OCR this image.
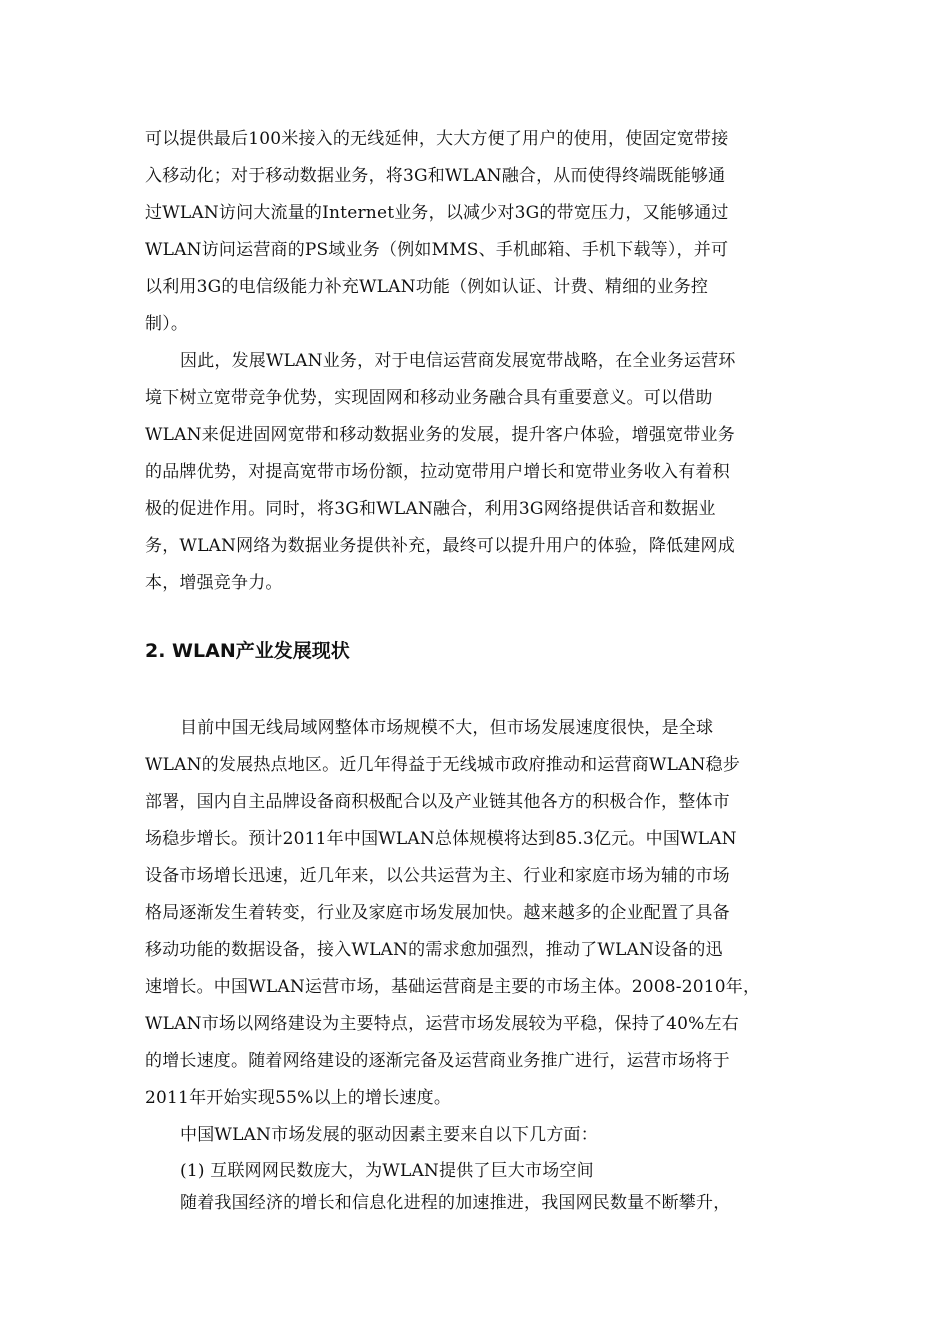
可以提供最后100米接入的无线延伸，大大方便了用户的使用，使固定宽带接
入移动化；对于移动数据业务，将3G和WLAN融合，从而使得终端既能够通
过WLAN访问大流量的Internet业务，以减少对3G的带宽压力，又能够通过
WLAN访问运营商的PS域业务（例如MMS、手机邮箱、手机下载等），并可
以利用3G的电信级能力补充WLAN功能（例如认证、计费、精细的业务控
制）。
因此，发展WLAN业务，对于电信运营商发展宽带战略，在全业务运营环
境下树立宽带竞争优势，实现固网和移动业务融合具有重要意义。可以借助
WLAN来促进固网宽带和移动数据业务的发展，提升客户体验，增强宽带业务
的品牌优势，对提高宽带市场份额，拉动宽带用户增长和宽带业务收入有着积
极的促进作用。同时，将3G和WLAN融合，利用3G网络提供话音和数据业
务，WLAN网络为数据业务提供补充，最终可以提升用户的体验，降低建网成
本，增强竞争力。
2. WLAN产业发展现状
目前中国无线局域网整体市场规模不大，但市场发展速度很快，是全球
WLAN的发展热点地区。近几年得益于无线城市政府推动和运营商WLAN稳步
部署，国内自主品牌设备商积极配合以及产业链其他各方的积极合作，整体市
场稳步增长。预计2011年中国WLAN总体规模将达到85.3亿元。中国WLAN
设备市场增长迅速，近几年来，以公共运营为主、行业和家庭市场为辅的市场
格局逐渐发生着转变，行业及家庭市场发展加快。越来越多的企业配置了具备
移动功能的数据设备，接入WLAN的需求愈加强烈，推动了WLAN设备的迅
速增长。中国WLAN运营市场，基础运营商是主要的市场主体。2008-2010年，
WLAN市场以网络建设为主要特点，运营市场发展较为平稳，保持了40%左右
的增长速度。随着网络建设的逐渐完备及运营商业务推广进行，运营市场将于
2011年开始实现55%以上的增长速度。
中国WLAN市场发展的驱动因素主要来自以下几方面：
(1) 互联网网民数庞大，为WLAN提供了巨大市场空间
随着我国经济的增长和信息化进程的加速推进，我国网民数量不断攀升，
